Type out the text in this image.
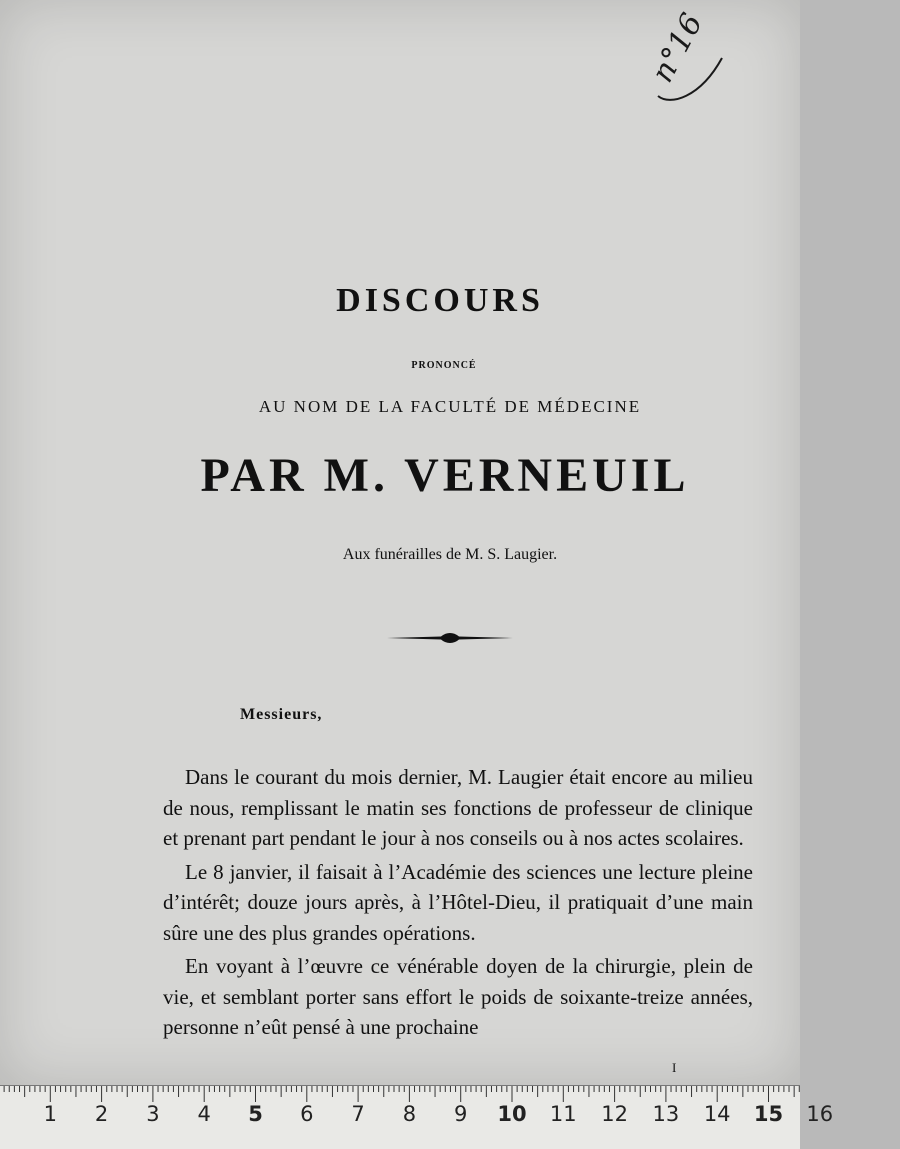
n°16
DISCOURS
PRONONCÉ
AU NOM DE LA FACULTÉ DE MÉDECINE
PAR M. VERNEUIL
Aux funérailles de M. S. Laugier.
Messieurs,

Dans le courant du mois dernier, M. Laugier était encore au milieu de nous, remplissant le matin ses fonctions de professeur de clinique et prenant part pendant le jour à nos conseils ou à nos actes scolaires.

Le 8 janvier, il faisait à l’Académie des sciences une lecture pleine d’intérêt; douze jours après, à l’Hôtel-Dieu, il pratiquait d’une main sûre une des plus grandes opérations.

En voyant à l’œuvre ce vénérable doyen de la chirurgie, plein de vie, et semblant porter sans effort le poids de soixante-treize années, personne n’eût pensé à une prochaine

I
1 2 3 4 5 6 7 8 9 10 11 12 13 14 15 16
